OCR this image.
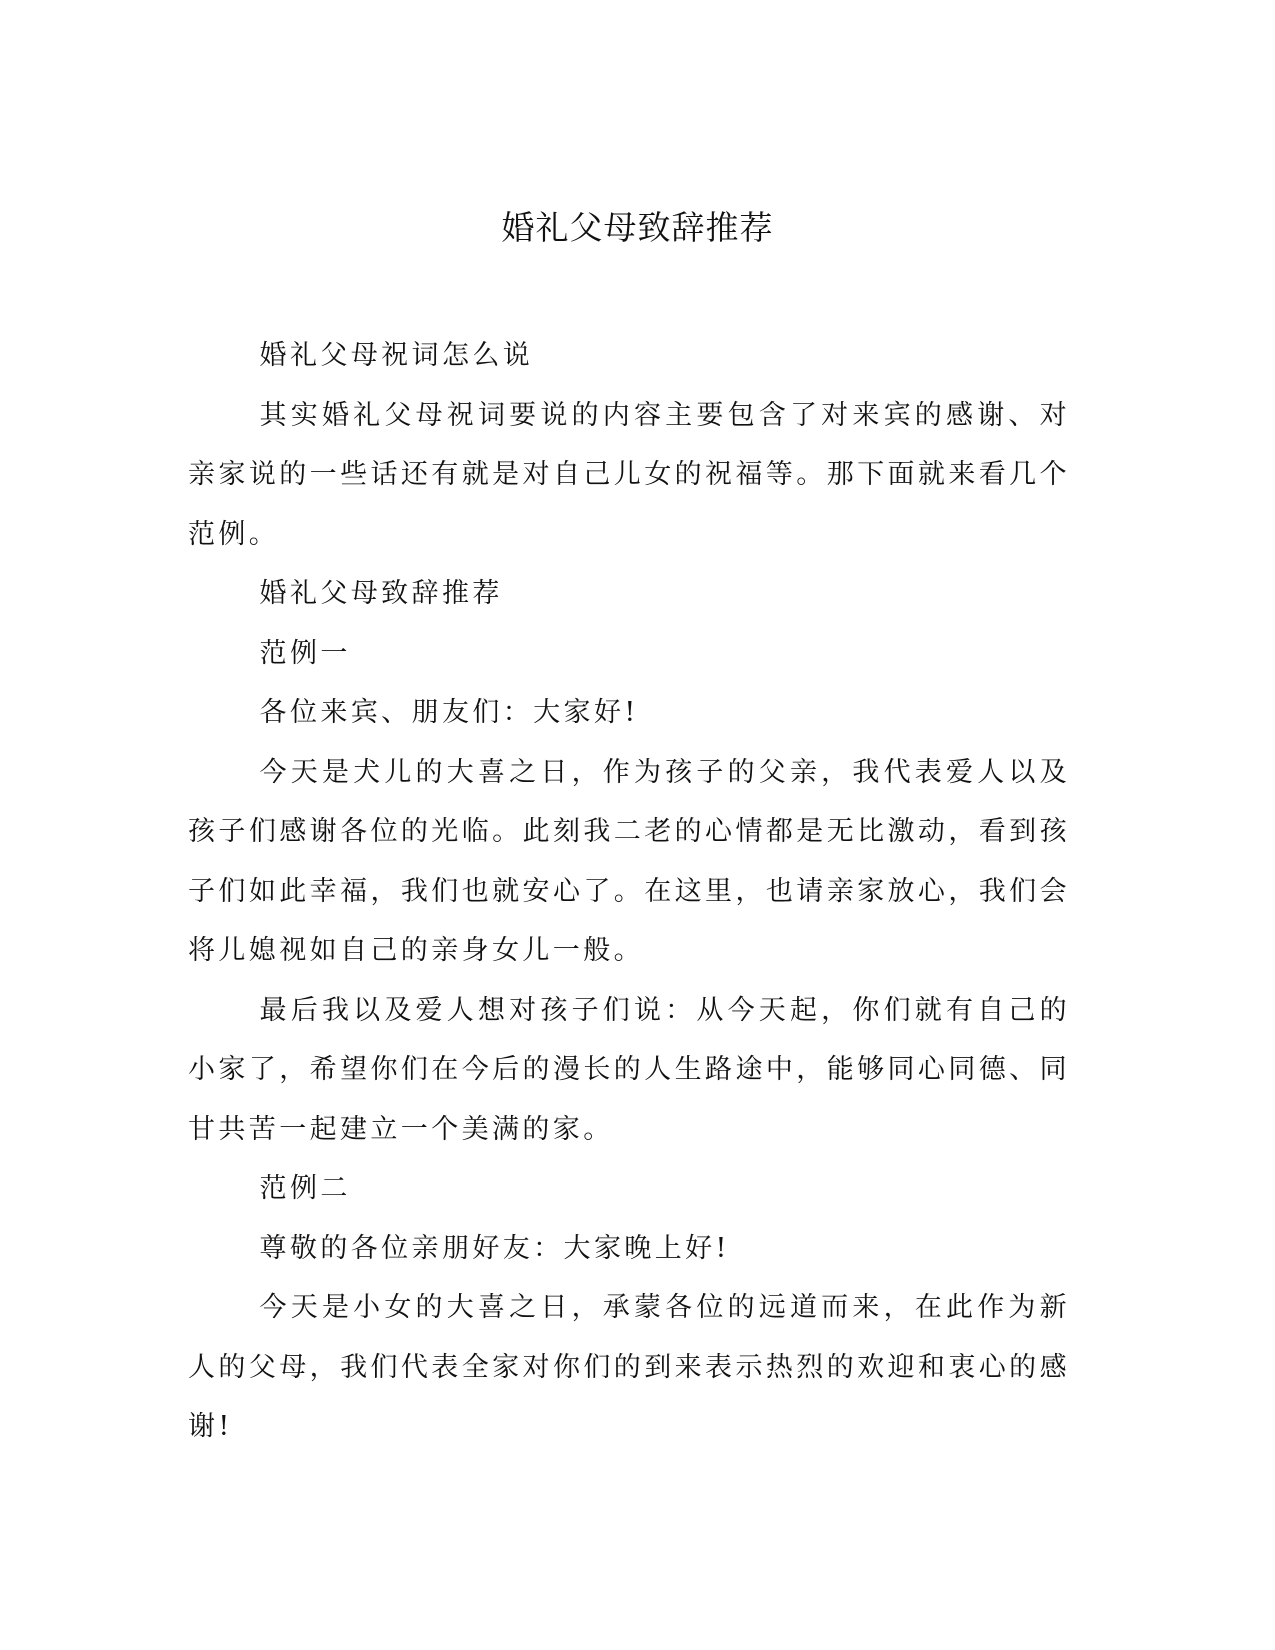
婚礼父母致辞推荐

婚礼父母祝词怎么说

其实婚礼父母祝词要说的内容主要包含了对来宾的感谢、对亲家说的一些话还有就是对自己儿女的祝福等。那下面就来看几个范例。

婚礼父母致辞推荐

范例一

各位来宾、朋友们：大家好!

今天是犬儿的大喜之日，作为孩子的父亲，我代表爱人以及孩子们感谢各位的光临。此刻我二老的心情都是无比激动，看到孩子们如此幸福，我们也就安心了。在这里，也请亲家放心，我们会将儿媳视如自己的亲身女儿一般。

最后我以及爱人想对孩子们说：从今天起，你们就有自己的小家了，希望你们在今后的漫长的人生路途中，能够同心同德、同甘共苦一起建立一个美满的家。

范例二

尊敬的各位亲朋好友：大家晚上好!

今天是小女的大喜之日，承蒙各位的远道而来，在此作为新人的父母，我们代表全家对你们的到来表示热烈的欢迎和衷心的感谢!
